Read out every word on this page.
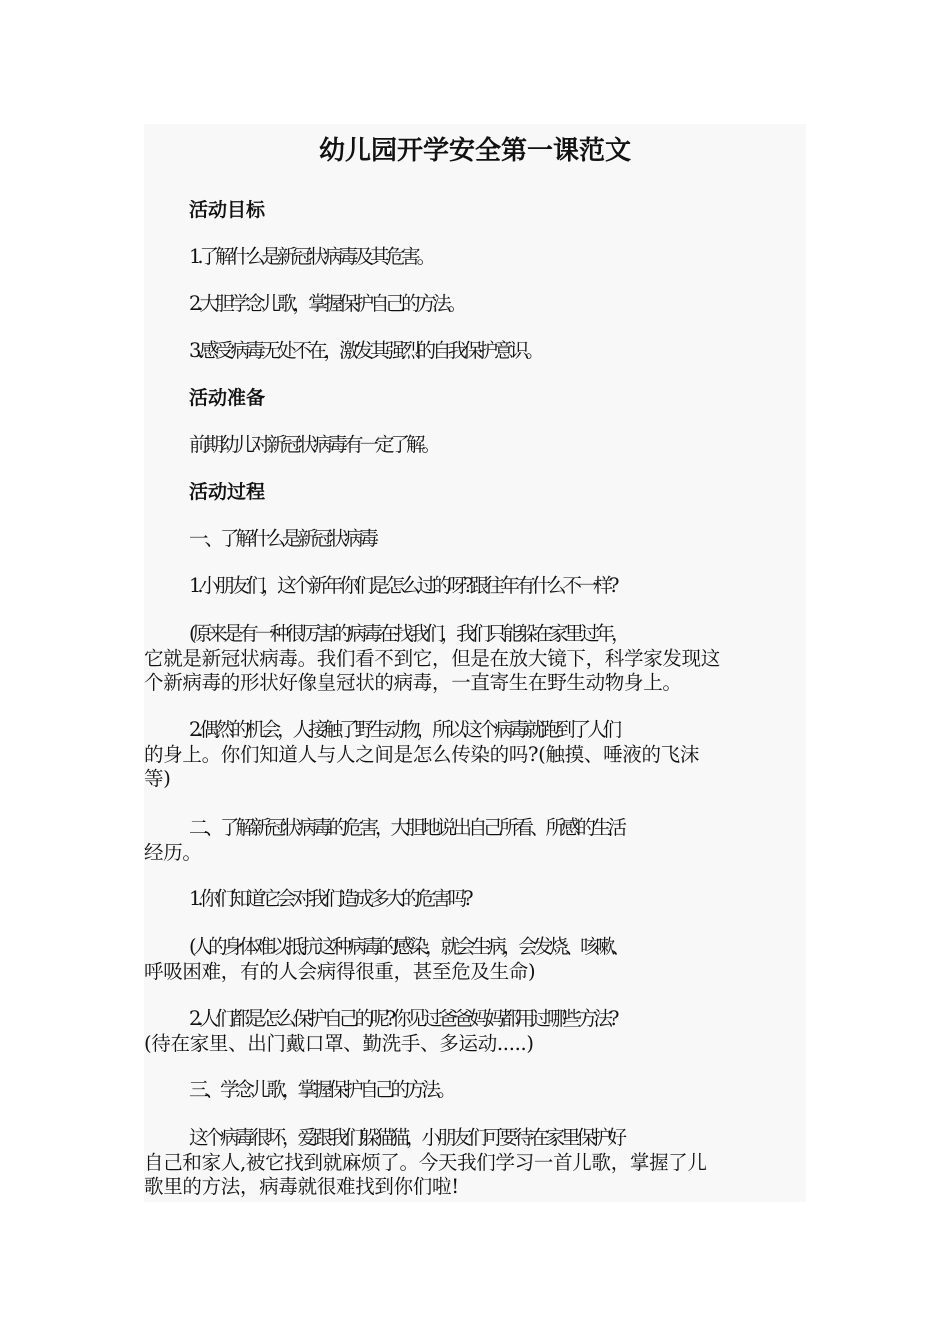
幼儿园开学安全第一课范文
活动目标

1.了解什么是新冠状病毒及其危害。

2.大胆学念儿歌，掌握保护自己的方法。

3.感受病毒无处不在，激发其强烈的自我保护意识。

活动准备

前期幼儿对新冠状病毒有一定了解。

活动过程

一、了解什么是新冠状病毒

1.小朋友们，这个新年你们是怎么过的呀?跟往年有什么不一样?

(原来是有一种很厉害的病毒在找我们，我们只能躲在家里过年，
它就是新冠状病毒。我们看不到它，但是在放大镜下，科学家发现这
个新病毒的形状好像皇冠状的病毒，一直寄生在野生动物身上。

2.偶然的机会，人接触了野生动物，所以这个病毒就跑到了人们
的身上。你们知道人与人之间是怎么传染的吗?(触摸、唾液的飞沫
等)

二、了解新冠状病毒的危害，大胆地说出自己所看、所感的生活
经历。

1.你们知道它会对我们造成多大的危害吗?

(人的身体难以抵抗这种病毒的感染，就会生病，会发烧、咳嗽、
呼吸困难，有的人会病得很重，甚至危及生命)

2.人们都是怎么保护自己的呢?你见过爸爸妈妈都用过哪些方法?
(待在家里、出门戴口罩、勤洗手、多运动.....)

三、学念儿歌，掌握保护自己的方法。

这个病毒很坏，爱跟我们躲猫猫，小朋友们可要待在家里保护好
自己和家人,被它找到就麻烦了。今天我们学习一首儿歌，掌握了儿
歌里的方法，病毒就很难找到你们啦!
